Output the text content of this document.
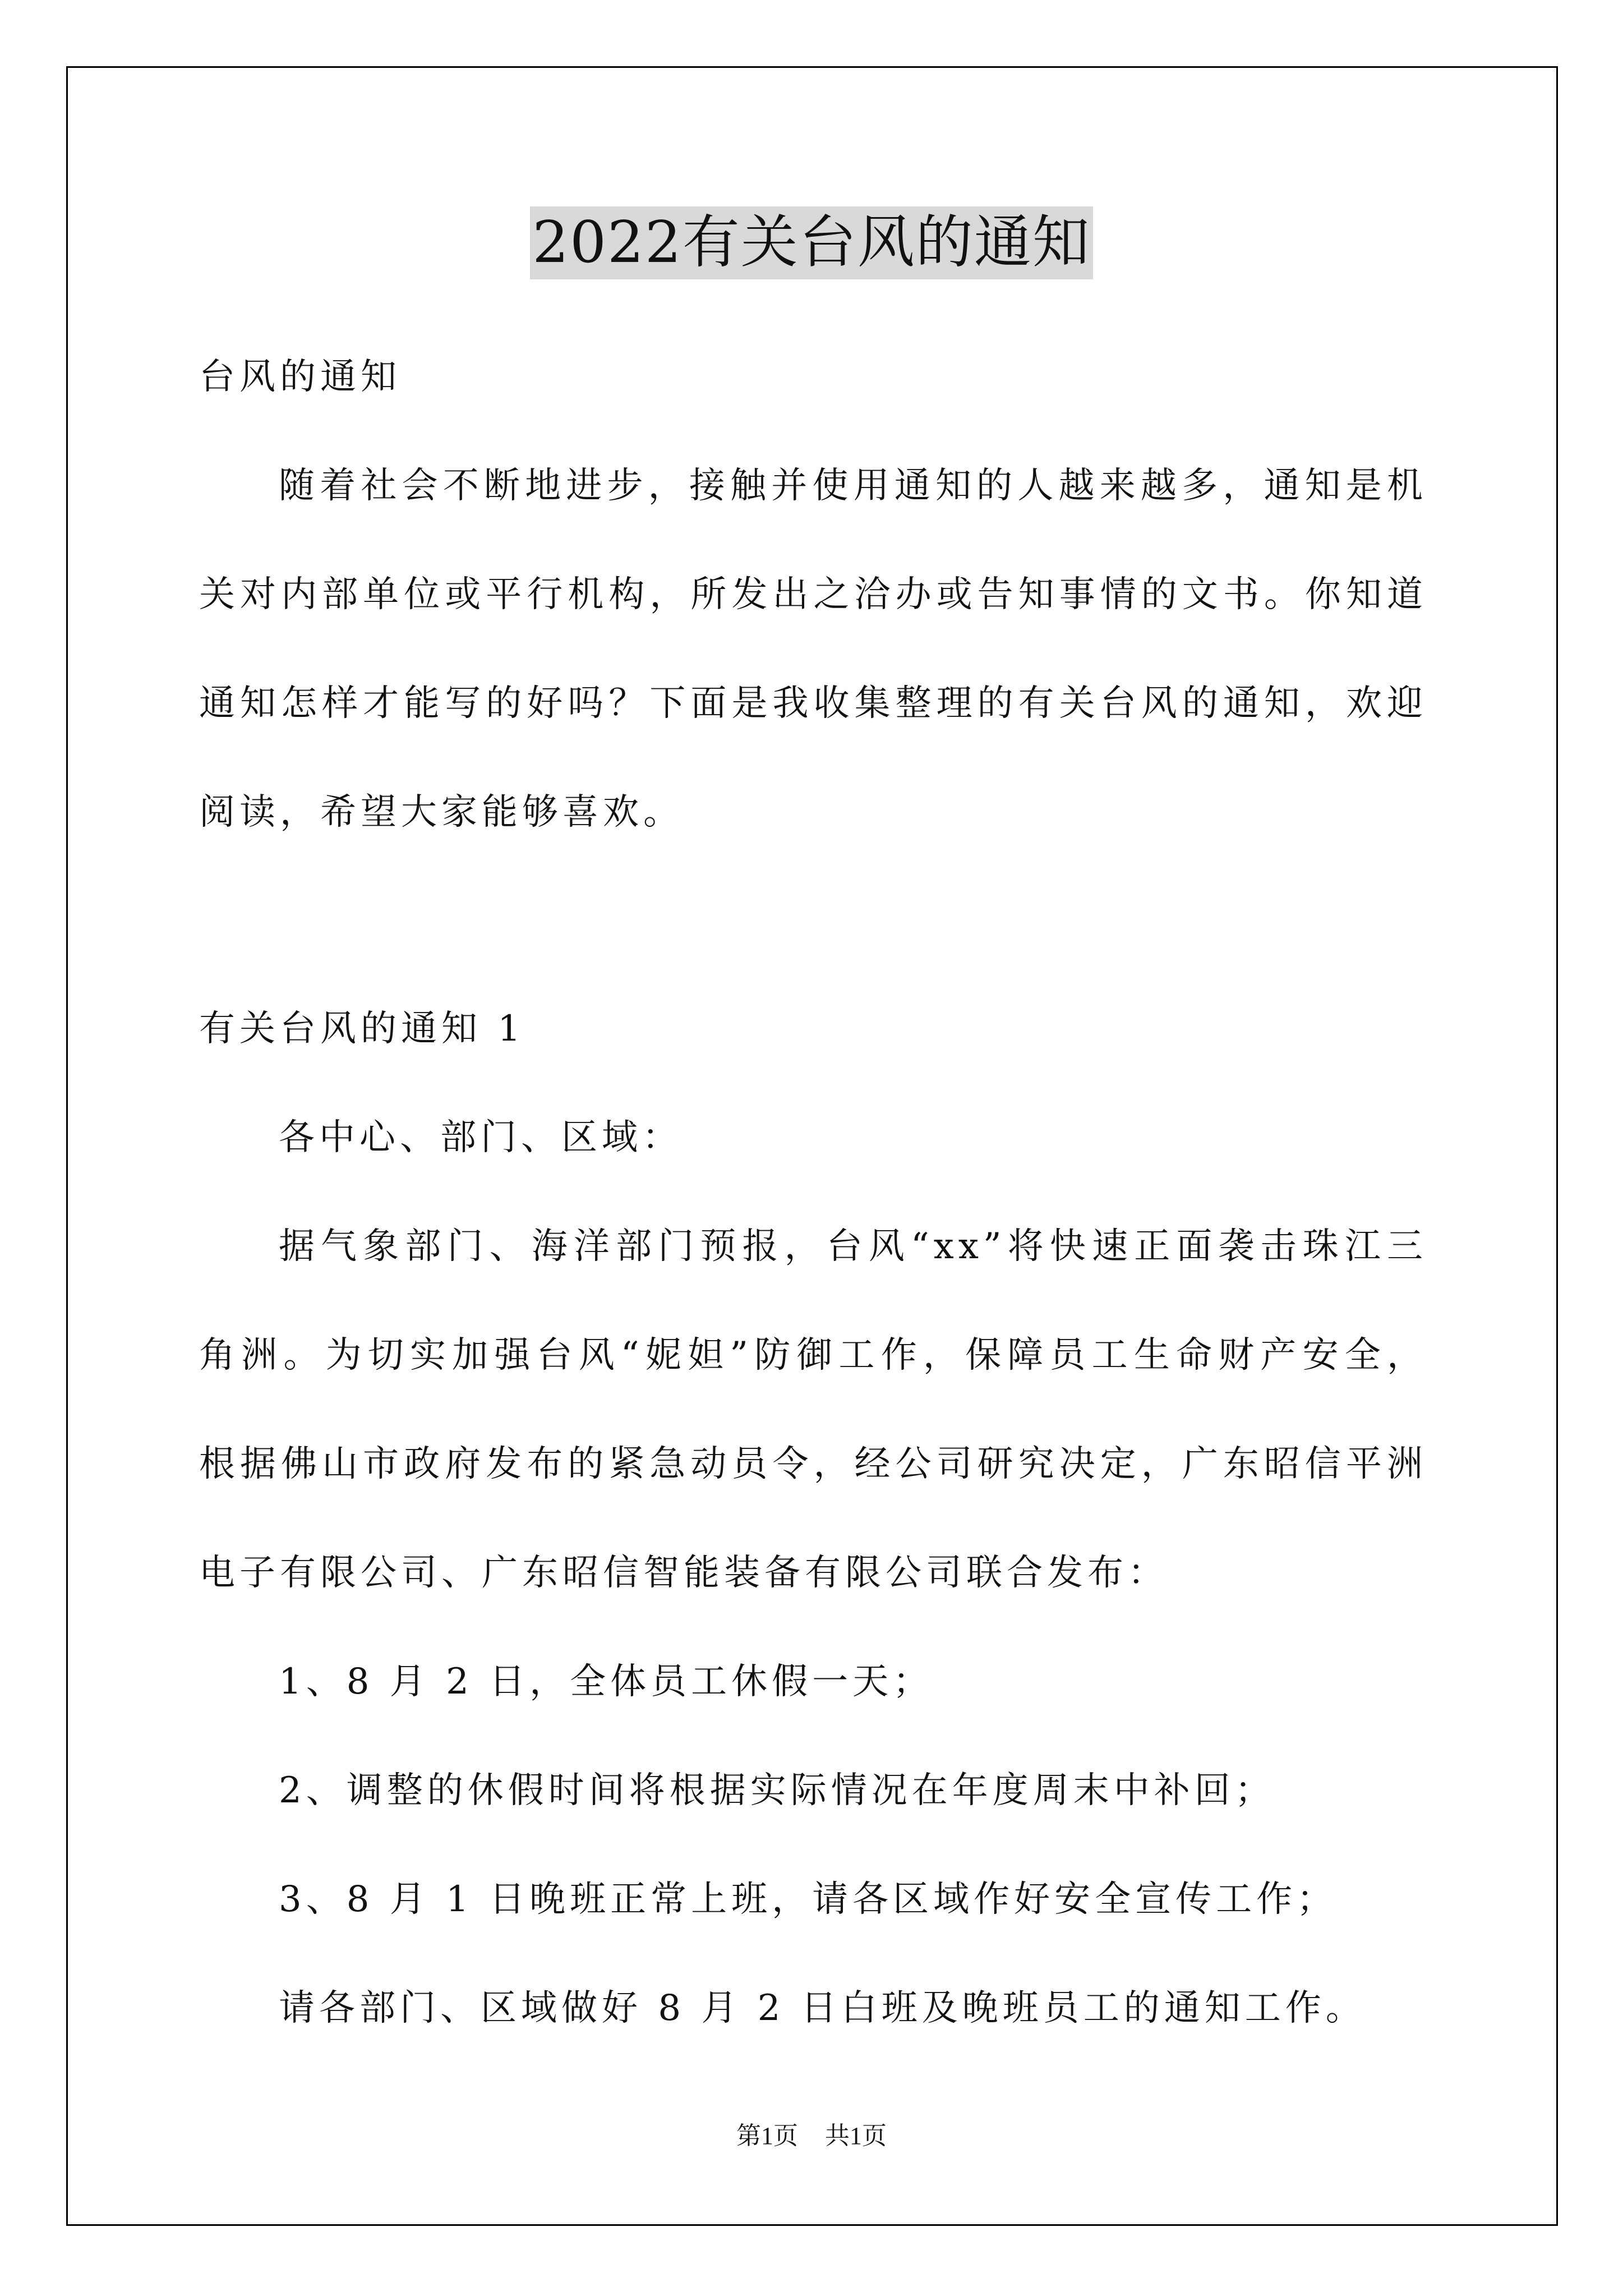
2022有关台风的通知
台风的通知
随着社会不断地进步，接触并使用通知的人越来越多，通知是机
关对内部单位或平行机构，所发出之洽办或告知事情的文书。你知道
通知怎样才能写的好吗？下面是我收集整理的有关台风的通知，欢迎
阅读，希望大家能够喜欢。
有关台风的通知 1
各中心、部门、区域：
据气象部门、海洋部门预报，台风“xx”将快速正面袭击珠江三
角洲。为切实加强台风“妮妲”防御工作，保障员工生命财产安全，
根据佛山市政府发布的紧急动员令，经公司研究决定，广东昭信平洲
电子有限公司、广东昭信智能装备有限公司联合发布：
1、8 月 2 日，全体员工休假一天；
2、调整的休假时间将根据实际情况在年度周末中补回；
3、8 月 1 日晚班正常上班，请各区域作好安全宣传工作；
请各部门、区域做好 8 月 2 日白班及晚班员工的通知工作。
第1页 共1页
